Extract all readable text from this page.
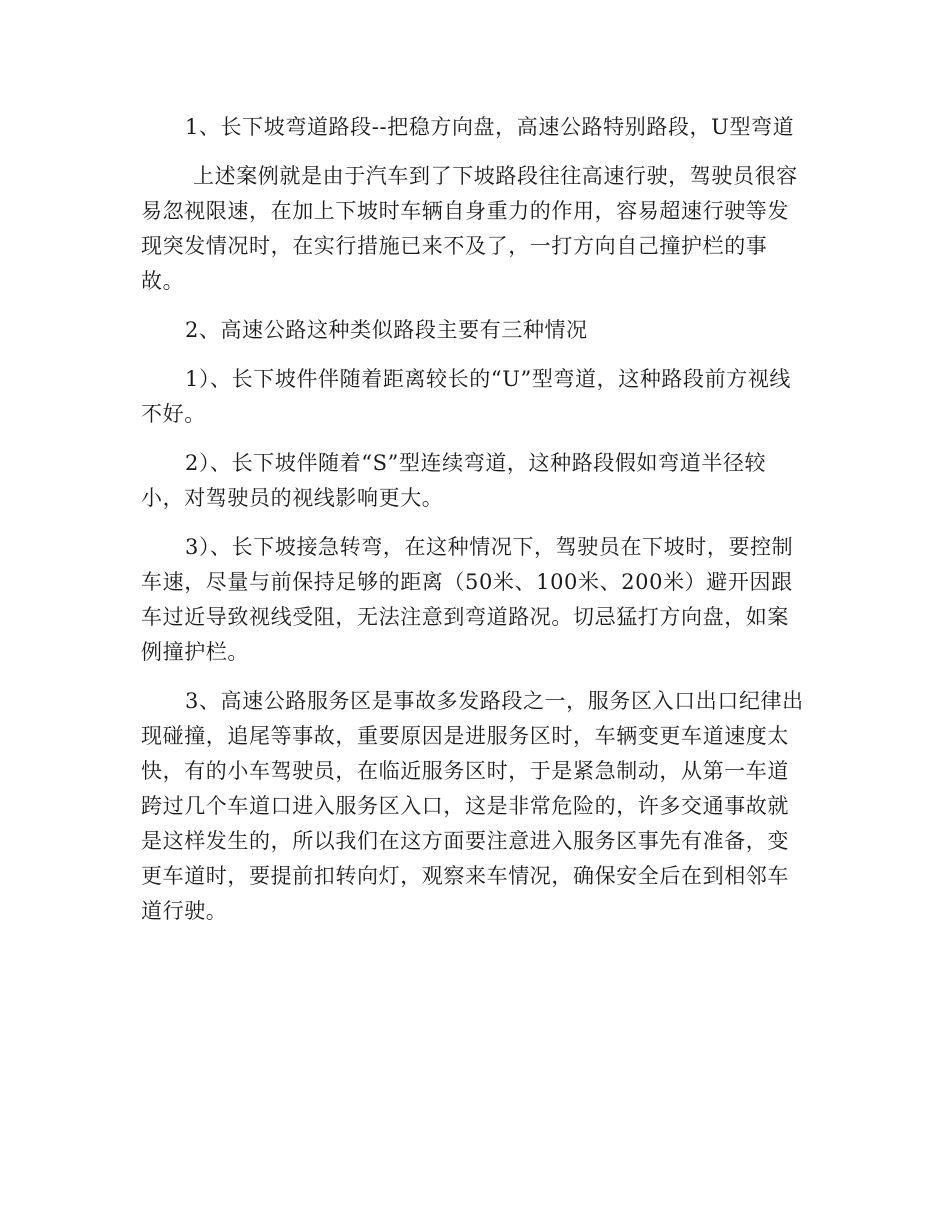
1、长下坡弯道路段--把稳方向盘，高速公路特别路段，U型弯道

上述案例就是由于汽车到了下坡路段往往高速行驶，驾驶员很容易忽视限速，在加上下坡时车辆自身重力的作用，容易超速行驶等发现突发情况时，在实行措施已来不及了，一打方向自己撞护栏的事故。

2、高速公路这种类似路段主要有三种情况

1）、长下坡件伴随着距离较长的“U”型弯道，这种路段前方视线不好。

2）、长下坡伴随着“S”型连续弯道，这种路段假如弯道半径较小，对驾驶员的视线影响更大。

3）、长下坡接急转弯，在这种情况下，驾驶员在下坡时，要控制车速，尽量与前保持足够的距离（50米、100米、200米）避开因跟车过近导致视线受阻，无法注意到弯道路况。切忌猛打方向盘，如案例撞护栏。

3、高速公路服务区是事故多发路段之一，服务区入口出口纪律出现碰撞，追尾等事故，重要原因是进服务区时，车辆变更车道速度太快，有的小车驾驶员，在临近服务区时，于是紧急制动，从第一车道跨过几个车道口进入服务区入口，这是非常危险的，许多交通事故就是这样发生的，所以我们在这方面要注意进入服务区事先有准备，变更车道时，要提前扣转向灯，观察来车情况，确保安全后在到相邻车道行驶。
